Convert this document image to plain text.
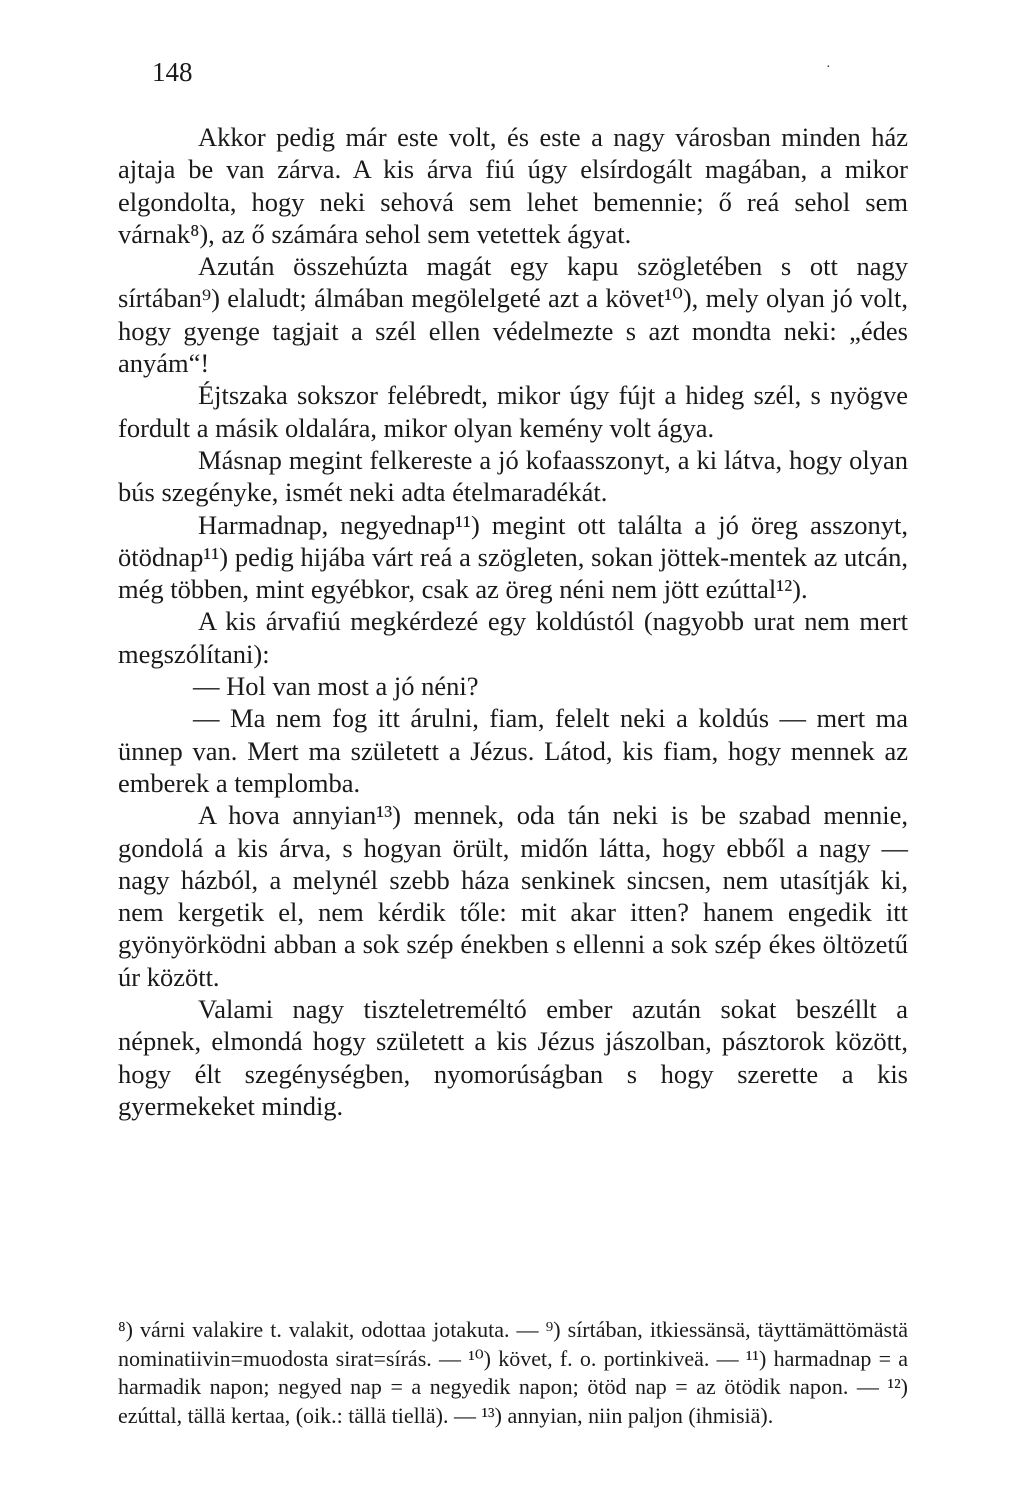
148	·

Akkor pedig már este volt, és este a nagy városban minden ház ajtaja be van zárva. A kis árva fiú úgy elsírdogált magában, a mikor elgondolta, hogy neki sehová sem lehet bemennie; ő reá sehol sem várnak⁸), az ő számára sehol sem vetettek ágyat.

Azután összehúzta magát egy kapu szögletében s ott nagy sírtában⁹) elaludt; álmában megölelgeté azt a követ¹⁰), mely olyan jó volt, hogy gyenge tagjait a szél ellen védelmezte s azt mondta neki: „édes anyám“!

Éjtszaka sokszor felébredt, mikor úgy fújt a hideg szél, s nyögve fordult a másik oldalára, mikor olyan kemény volt ágya.

Másnap megint felkereste a jó kofaasszonyt, a ki látva, hogy olyan bús szegényke, ismét neki adta ételmaradékát.

Harmadnap, negyednap¹¹) megint ott találta a jó öreg asszonyt, ötödnap¹¹) pedig hijába várt reá a szögleten, sokan jöttek-mentek az utcán, még többen, mint egyébkor, csak az öreg néni nem jött ezúttal¹²).

A kis árvafiú megkérdezé egy koldústól (nagyobb urat nem mert megszólítani):

— Hol van most a jó néni?

— Ma nem fog itt árulni, fiam, felelt neki a koldús — mert ma ünnep van. Mert ma született a Jézus. Látod, kis fiam, hogy mennek az emberek a templomba.

A hova annyian¹³) mennek, oda tán neki is be szabad mennie, gondolá a kis árva, s hogyan örült, midőn látta, hogy ebből a nagy — nagy házból, a melynél szebb háza senkinek sincsen, nem utasítják ki, nem kergetik el, nem kérdik tőle: mit akar itten? hanem engedik itt gyönyörködni abban a sok szép énekben s ellenni a sok szép ékes öltözetű úr között.

Valami nagy tiszteletreméltó ember azután sokat beszéllt a népnek, elmondá hogy született a kis Jézus jászolban, pásztorok között, hogy élt szegénységben, nyomorúságban s hogy szerette a kis gyermekeket mindig.

⁸) várni valakire t. valakit, odottaa jotakuta. — ⁹) sírtában, itkiessänsä, täyttämättömästä nominatiivin=muodosta sirat=sírás. — ¹⁰) követ, f. o. portinkiveä. — ¹¹) harmadnap = a harmadik napon; negyed nap = a negyedik napon; ötöd nap = az ötödik napon. — ¹²) ezúttal, tällä kertaa, (oik.: tällä tiellä). — ¹³) annyian, niin paljon (ihmisiä).
